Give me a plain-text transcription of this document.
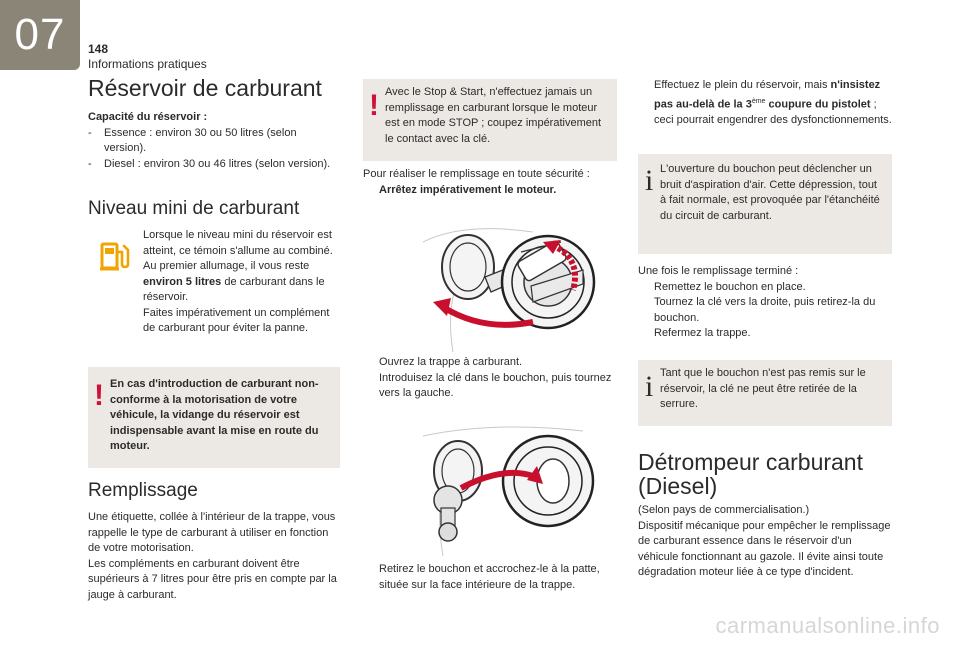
07 148
Informations pratiques
Réservoir de carburant

Capacité du réservoir :

- Essence : environ 30 ou 50 litres (selon version).
- Diesel : environ 30 ou 46 litres (selon version).
Niveau mini de carburant

Lorsque le niveau mini du réservoir est atteint, ce témoin s'allume au combiné. Au premier allumage, il vous reste environ 5 litres de carburant dans le réservoir.

Faites impérativement un complément de carburant pour éviter la panne.

! En cas d'introduction de carburant non-conforme à la motorisation de votre véhicule, la vidange du réservoir est indispensable avant la mise en route du moteur.

Remplissage

Une étiquette, collée à l'intérieur de la trappe, vous rappelle le type de carburant à utiliser en fonction de votre motorisation.

Les compléments en carburant doivent être supérieurs à 7 litres pour être pris en compte par la jauge à carburant.

! Avec le Stop & Start, n'effectuez jamais un remplissage en carburant lorsque le moteur est en mode STOP ; coupez impérativement le contact avec la clé.

Pour réaliser le remplissage en toute sécurité :

Arrêtez impérativement le moteur.
Ouvrez la trappe à carburant.
Introduisez la clé dans le bouchon, puis tournez vers la gauche.
Retirez le bouchon et accrochez-le à la patte, située sur la face intérieure de la trappe.
Effectuez le plein du réservoir, mais n'insistez pas au-delà de la 3ème coupure du pistolet ; ceci pourrait engendrer des dysfonctionnements.
i L'ouverture du bouchon peut déclencher un bruit d'aspiration d'air. Cette dépression, tout à fait normale, est provoquée par l'étanchéité du circuit de carburant.

Une fois le remplissage terminé :

Remettez le bouchon en place.
Tournez la clé vers la droite, puis retirez-la du bouchon.
Refermez la trappe.
i Tant que le bouchon n'est pas remis sur le réservoir, la clé ne peut être retirée de la serrure.

Détrompeur carburant
(Diesel)

(Selon pays de commercialisation.)

Dispositif mécanique pour empêcher le remplissage de carburant essence dans le réservoir d'un véhicule fonctionnant au gazole. Il évite ainsi toute dégradation moteur liée à ce type d'incident.

carmanualsonline.info
